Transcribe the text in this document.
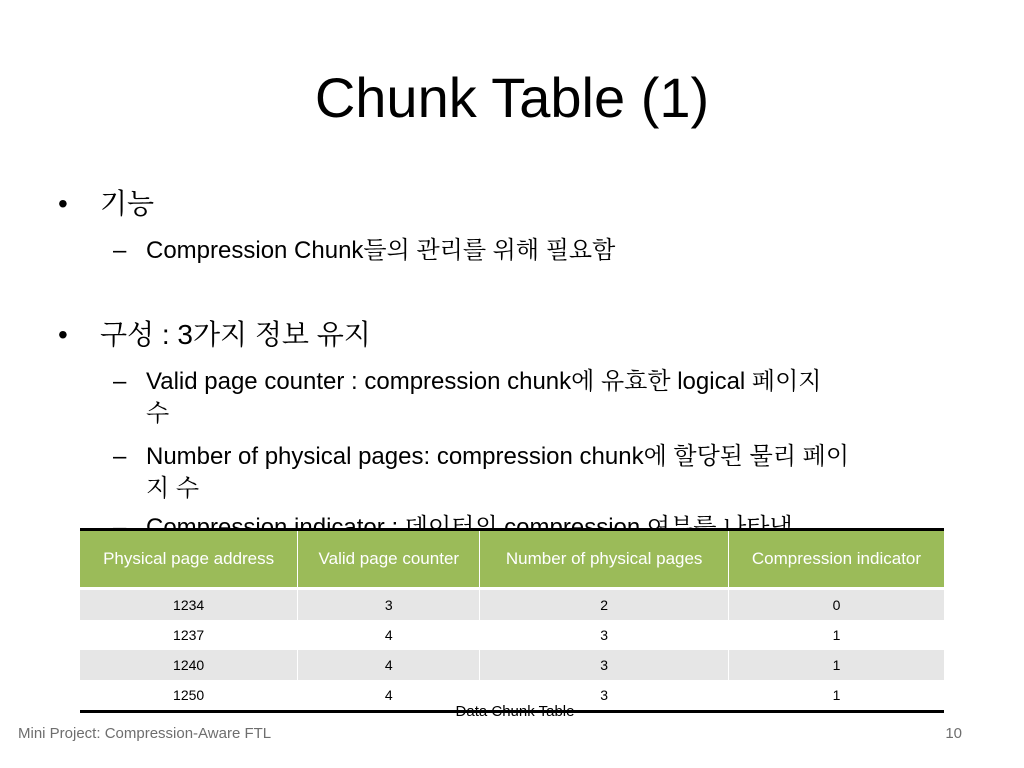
Chunk Table (1)
• 기능
– Compression Chunk들의 관리를 위해 필요함
• 구성 : 3가지 정보 유지
– Valid page counter : compression chunk에 유효한 logical 페이지
수
– Number of physical pages: compression chunk에 할당된 물리 페이
지 수
Physical page address	Valid page counter	Number of physical pages	Compression indicator
1234	3	2	0
1237	4	3	1
1240	4	3	1
1250	4	3	1
Data Chunk Table
Mini Project: Compression-Aware FTL	10
